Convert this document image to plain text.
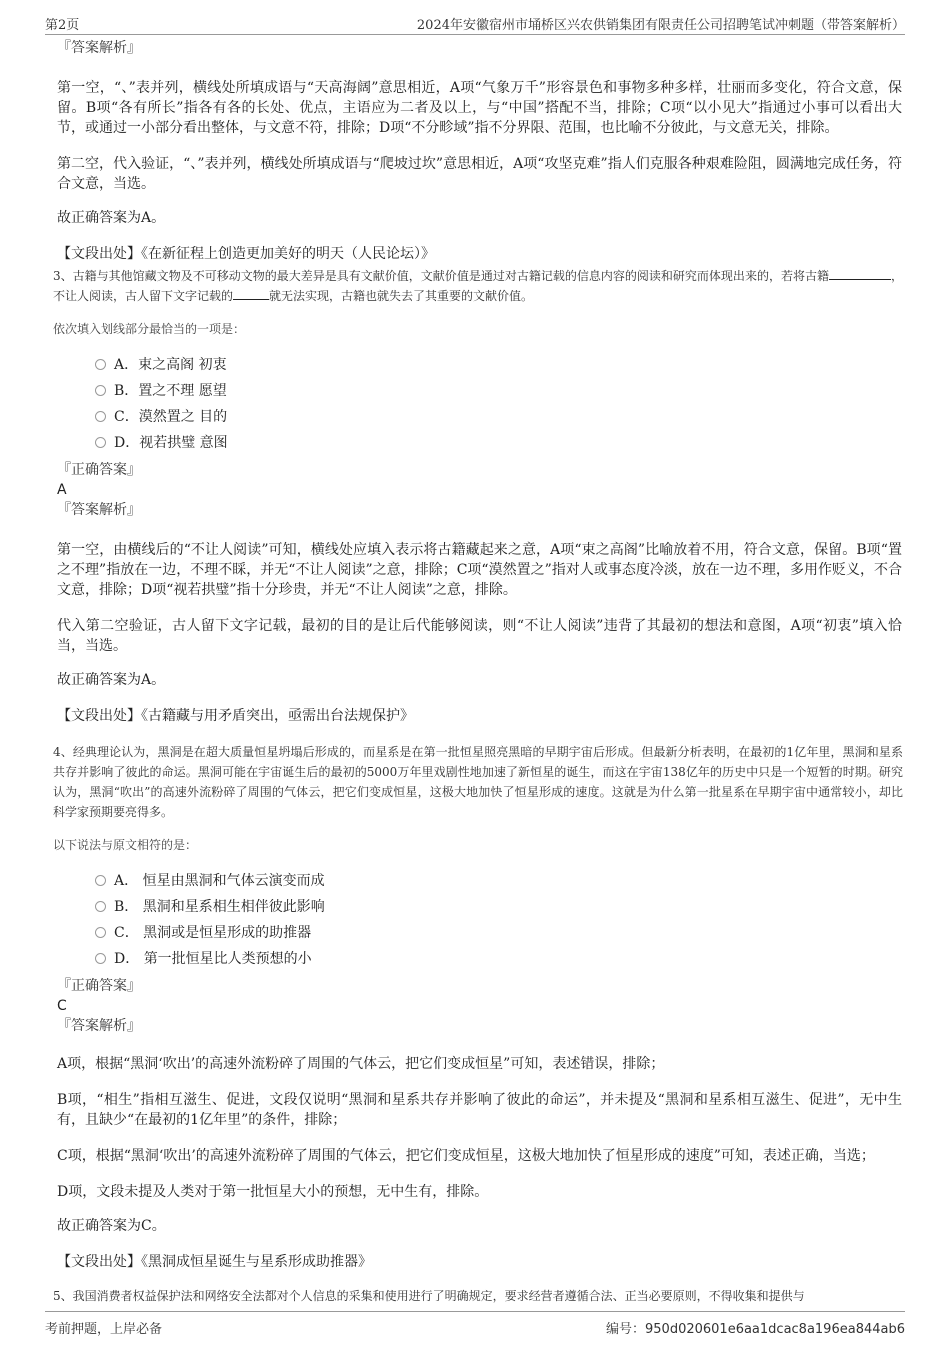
第2页	2024年安徽宿州市埇桥区兴农供销集团有限责任公司招聘笔试冲刺题（带答案解析）

『答案解析』

第一空，“、”表并列，横线处所填成语与“天高海阔”意思相近，A项“气象万千”形容景色和事物多种多样，壮丽而多变化，符合文意，保留。B项“各有所长”指各有各的长处、优点，主语应为二者及以上，与“中国”搭配不当，排除；C项“以小见大”指通过小事可以看出大节，或通过一小部分看出整体，与文意不符，排除；D项“不分畛域”指不分界限、范围，也比喻不分彼此，与文意无关，排除。

第二空，代入验证，“、”表并列，横线处所填成语与“爬坡过坎”意思相近，A项“攻坚克难”指人们克服各种艰难险阻，圆满地完成任务，符合文意，当选。

故正确答案为A。

【文段出处】《在新征程上创造更加美好的明天（人民论坛）》

3、古籍与其他馆藏文物及不可移动文物的最大差异是具有文献价值，文献价值是通过对古籍记载的信息内容的阅读和研究而体现出来的，若将古籍	，不让人阅读，古人留下文字记载的	就无法实现，古籍也就失去了其重要的文献价值。

依次填入划线部分最恰当的一项是：

A．束之高阁 初衷
B．置之不理 愿望
C．漠然置之 目的
D．视若拱璧 意图

『正确答案』

A

『答案解析』

第一空，由横线后的“不让人阅读”可知，横线处应填入表示将古籍藏起来之意，A项“束之高阁”比喻放着不用，符合文意，保留。B项“置之不理”指放在一边，不理不睬，并无“不让人阅读”之意，排除；C项“漠然置之”指对人或事态度冷淡，放在一边不理，多用作贬义，不合文意，排除；D项“视若拱璧”指十分珍贵，并无“不让人阅读”之意，排除。

代入第二空验证，古人留下文字记载，最初的目的是让后代能够阅读，则“不让人阅读”违背了其最初的想法和意图，A项“初衷”填入恰当，当选。

故正确答案为A。

【文段出处】《古籍藏与用矛盾突出，亟需出台法规保护》

4、经典理论认为，黑洞是在超大质量恒星坍塌后形成的，而星系是在第一批恒星照亮黑暗的早期宇宙后形成。但最新分析表明，在最初的1亿年里，黑洞和星系共存并影响了彼此的命运。黑洞可能在宇宙诞生后的最初的5000万年里戏剧性地加速了新恒星的诞生，而这在宇宙138亿年的历史中只是一个短暂的时期。研究认为，黑洞“吹出”的高速外流粉碎了周围的气体云，把它们变成恒星，这极大地加快了恒星形成的速度。这就是为什么第一批星系在早期宇宙中通常较小，却比科学家预期要亮得多。

以下说法与原文相符的是：

A． 恒星由黑洞和气体云演变而成
B． 黑洞和星系相生相伴彼此影响
C． 黑洞或是恒星形成的助推器
D． 第一批恒星比人类预想的小

『正确答案』

C

『答案解析』

A项，根据“黑洞‘吹出’的高速外流粉碎了周围的气体云，把它们变成恒星”可知，表述错误，排除；

B项，“相生”指相互滋生、促进，文段仅说明“黑洞和星系共存并影响了彼此的命运”，并未提及“黑洞和星系相互滋生、促进”，无中生有，且缺少“在最初的1亿年里”的条件，排除；

C项，根据“黑洞‘吹出’的高速外流粉碎了周围的气体云，把它们变成恒星，这极大地加快了恒星形成的速度”可知，表述正确，当选；

D项，文段未提及人类对于第一批恒星大小的预想，无中生有，排除。

故正确答案为C。

【文段出处】《黑洞成恒星诞生与星系形成助推器》

5、我国消费者权益保护法和网络安全法都对个人信息的采集和使用进行了明确规定，要求经营者遵循合法、正当必要原则，不得收集和提供与

考前押题，上岸必备	编号：950d020601e6aa1dcac8a196ea844ab6
